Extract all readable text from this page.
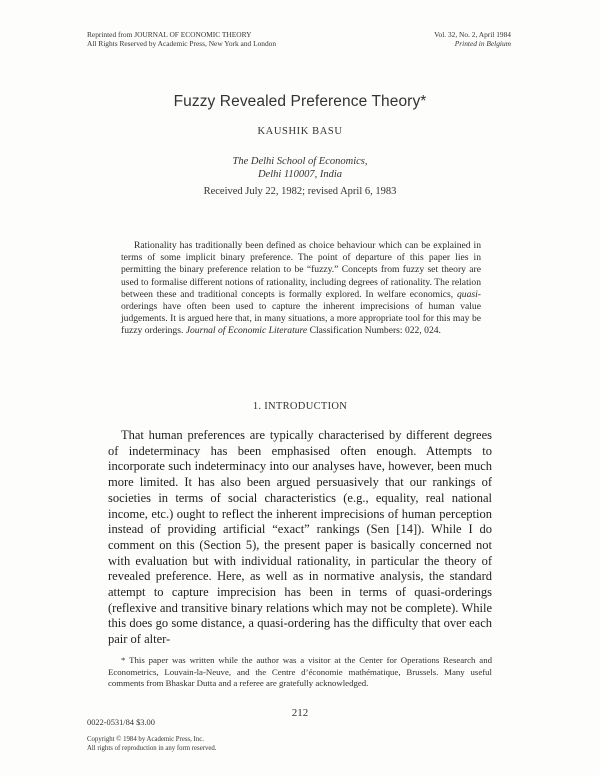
Reprinted from JOURNAL OF ECONOMIC THEORY
All Rights Reserved by Academic Press, New York and London
Vol. 32, No. 2, April 1984
Printed in Belgium
Fuzzy Revealed Preference Theory*
KAUSHIK BASU
The Delhi School of Economics,
Delhi 110007, India
Received July 22, 1982; revised April 6, 1983
Rationality has traditionally been defined as choice behaviour which can be explained in terms of some implicit binary preference. The point of departure of this paper lies in permitting the binary preference relation to be “fuzzy.” Concepts from fuzzy set theory are used to formalise different notions of rationality, including degrees of rationality. The relation between these and traditional concepts is formally explored. In welfare economics, quasi-orderings have often been used to capture the inherent imprecisions of human value judgements. It is argued here that, in many situations, a more appropriate tool for this may be fuzzy orderings. Journal of Economic Literature Classification Numbers: 022, 024.
1. INTRODUCTION
That human preferences are typically characterised by different degrees of indeterminacy has been emphasised often enough. Attempts to incorporate such indeterminacy into our analyses have, however, been much more limited. It has also been argued persuasively that our rankings of societies in terms of social characteristics (e.g., equality, real national income, etc.) ought to reflect the inherent imprecisions of human perception instead of providing artificial “exact” rankings (Sen [14]). While I do comment on this (Section 5), the present paper is basically concerned not with evaluation but with individual rationality, in particular the theory of revealed preference. Here, as well as in normative analysis, the standard attempt to capture imprecision has been in terms of quasi-orderings (reflexive and transitive binary relations which may not be complete). While this does go some distance, a quasi-ordering has the difficulty that over each pair of alter-
* This paper was written while the author was a visitor at the Center for Operations Research and Econometrics, Louvain-la-Neuve, and the Centre d’économie mathématique, Brussels. Many useful comments from Bhaskar Dutta and a referee are gratefully acknowledged.
212
0022-0531/84 $3.00
Copyright © 1984 by Academic Press, Inc.
All rights of reproduction in any form reserved.
